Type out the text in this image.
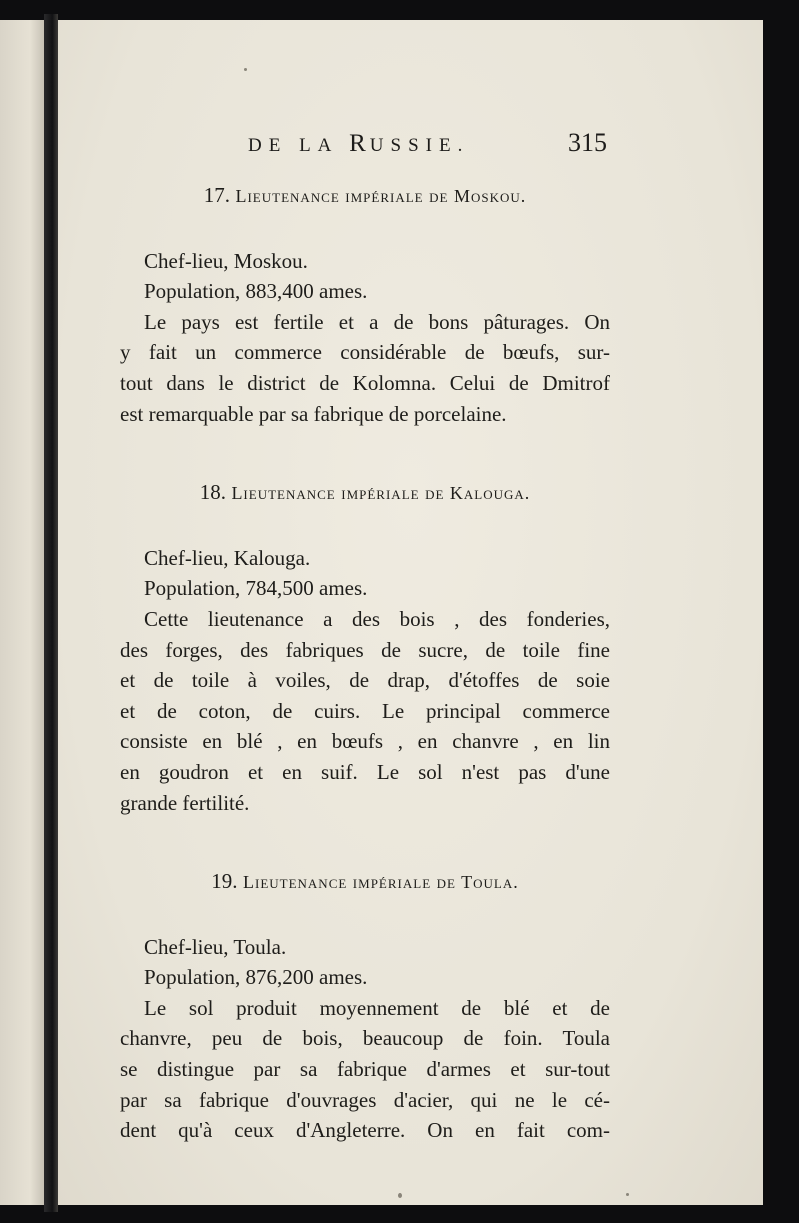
DE LA RUSSIE.	315
17. Lieutenance impériale de Moskou.
Chef-lieu, Moskou.
Population, 883,400 ames.
Le pays est fertile et a de bons pâturages. On
y fait un commerce considérable de bœufs, sur-
tout dans le district de Kolomna. Celui de Dmitrof
est remarquable par sa fabrique de porcelaine.
18. Lieutenance impériale de Kalouga.
Chef-lieu, Kalouga.
Population, 784,500 ames.
Cette lieutenance a des bois , des fonderies,
des forges, des fabriques de sucre, de toile fine
et de toile à voiles, de drap, d'étoffes de soie
et de coton, de cuirs. Le principal commerce
consiste en blé , en bœufs , en chanvre , en lin
en goudron et en suif. Le sol n'est pas d'une
grande fertilité.
19. Lieutenance impériale de Toula.
Chef-lieu, Toula.
Population, 876,200 ames.
Le sol produit moyennement de blé et de
chanvre, peu de bois, beaucoup de foin. Toula
se distingue par sa fabrique d'armes et sur-tout
par sa fabrique d'ouvrages d'acier, qui ne le cé-
dent qu'à ceux d'Angleterre. On en fait com-
